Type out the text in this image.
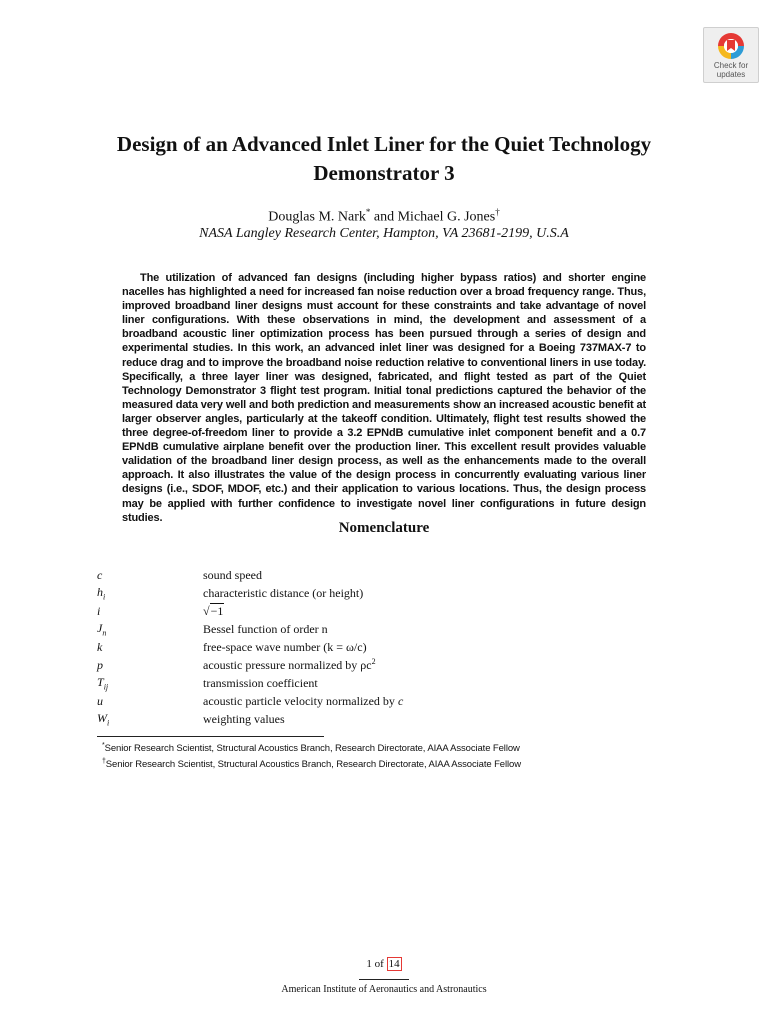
Check for
updates
Design of an Advanced Inlet Liner for the Quiet Technology Demonstrator 3
Douglas M. Nark* and Michael G. Jones†
NASA Langley Research Center, Hampton, VA 23681-2199, U.S.A

The utilization of advanced fan designs (including higher bypass ratios) and shorter engine nacelles has highlighted a need for increased fan noise reduction over a broad frequency range. Thus, improved broadband liner designs must account for these constraints and take advantage of novel liner configurations. With these observations in mind, the development and assessment of a broadband acoustic liner optimization process has been pursued through a series of design and experimental studies. In this work, an advanced inlet liner was designed for a Boeing 737MAX-7 to reduce drag and to improve the broadband noise reduction relative to conventional liners in use today. Specifically, a three layer liner was designed, fabricated, and flight tested as part of the Quiet Technology Demonstrator 3 flight test program. Initial tonal predictions captured the behavior of the measured data very well and both prediction and measurements show an increased acoustic benefit at larger observer angles, particularly at the takeoff condition. Ultimately, flight test results showed the three degree-of-freedom liner to provide a 3.2 EPNdB cumulative inlet component benefit and a 0.7 EPNdB cumulative airplane benefit over the production liner. This excellent result provides valuable validation of the broadband liner design process, as well as the enhancements made to the overall approach. It also illustrates the value of the design process in concurrently evaluating various liner designs (i.e., SDOF, MDOF, etc.) and their application to various locations. Thus, the design process may be applied with further confidence to investigate novel liner configurations in future design studies.

Nomenclature
c	sound speed
$h_i$	characteristic distance (or height)
i	√−1
$J_n$	Bessel function of order n
k	free-space wave number (k = ω/c)
p	acoustic pressure normalized by $\rho c^2$
$T_{ij}$	transmission coefficient
u	acoustic particle velocity normalized by c
$W_i$	weighting values
*Senior Research Scientist, Structural Acoustics Branch, Research Directorate, AIAA Associate Fellow
†Senior Research Scientist, Structural Acoustics Branch, Research Directorate, AIAA Associate Fellow
1 of 14
American Institute of Aeronautics and Astronautics
